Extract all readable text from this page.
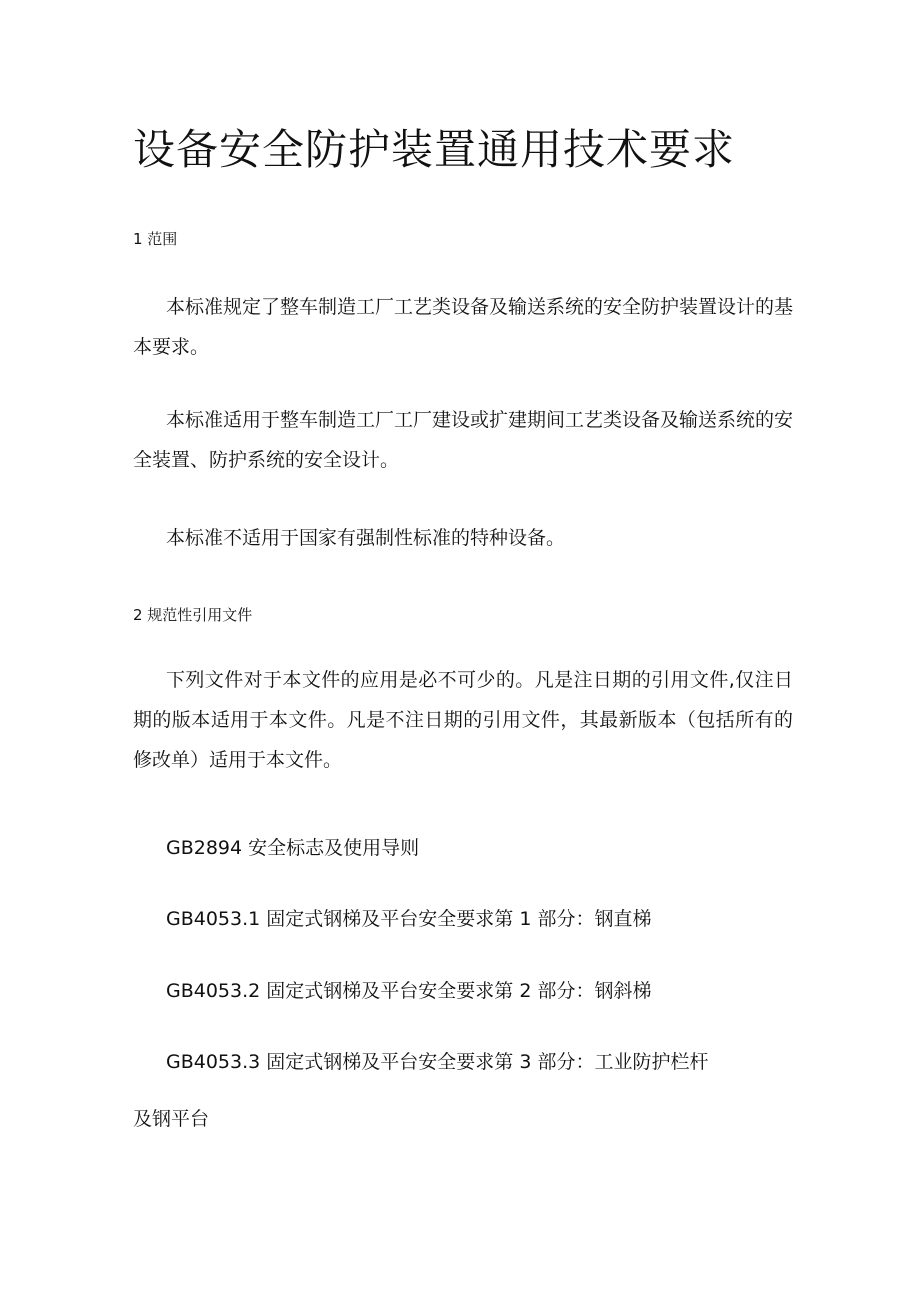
设备安全防护装置通用技术要求
1 范围

本标准规定了整车制造工厂工艺类设备及输送系统的安全防护装置设计的基本要求。

本标准适用于整车制造工厂工厂建设或扩建期间工艺类设备及输送系统的安全装置、防护系统的安全设计。

本标准不适用于国家有强制性标准的特种设备。

2 规范性引用文件

下列文件对于本文件的应用是必不可少的。凡是注日期的引用文件,仅注日期的版本适用于本文件。凡是不注日期的引用文件，其最新版本（包括所有的修改单）适用于本文件。

GB2894 安全标志及使用导则

GB4053.1 固定式钢梯及平台安全要求第 1 部分：钢直梯

GB4053.2 固定式钢梯及平台安全要求第 2 部分：钢斜梯

GB4053.3 固定式钢梯及平台安全要求第 3 部分：工业防护栏杆

及钢平台
